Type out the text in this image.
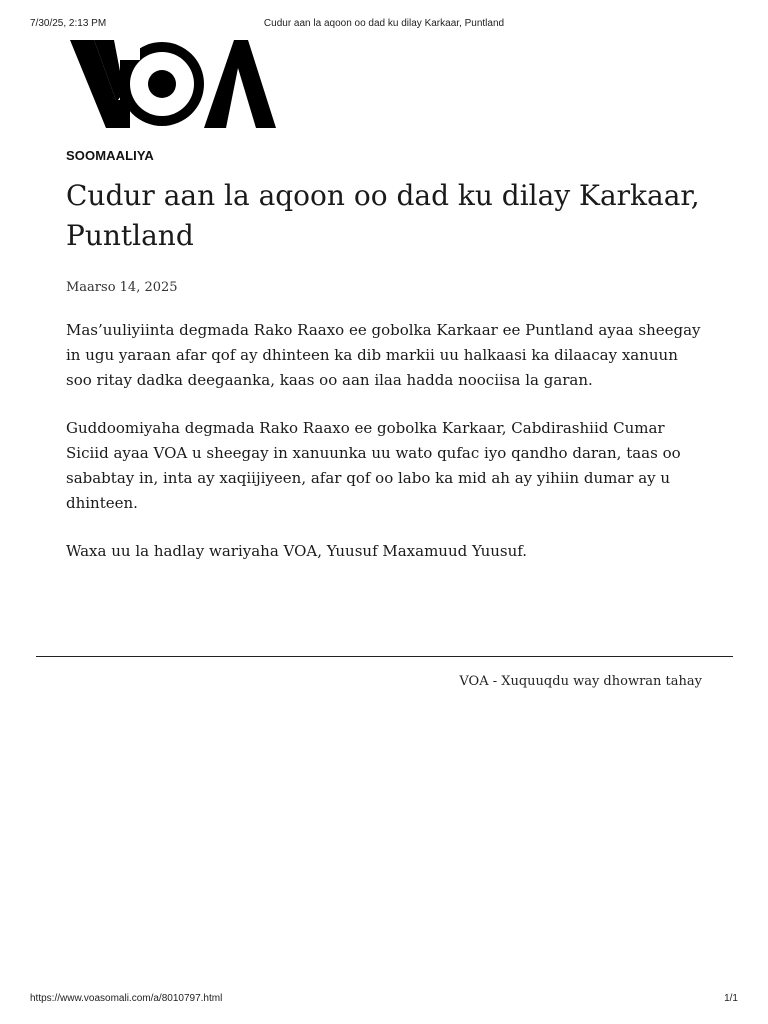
7/30/25, 2:13 PM	Cudur aan la aqoon oo dad ku dilay Karkaar, Puntland
SOOMAALIYA
Cudur aan la aqoon oo dad ku dilay Karkaar, Puntland
Maarso 14, 2025

Mas’uuliyiinta degmada Rako Raaxo ee gobolka Karkaar ee Puntland ayaa sheegay in ugu yaraan afar qof ay dhinteen ka dib markii uu halkaasi ka dilaacay xanuun soo ritay dadka deegaanka, kaas oo aan ilaa hadda noociisa la garan.

Guddoomiyaha degmada Rako Raaxo ee gobolka Karkaar, Cabdirashiid Cumar Siciid ayaa VOA u sheegay in xanuunka uu wato qufac iyo qandho daran, taas oo sababtay in, inta ay xaqiijiyeen, afar qof oo labo ka mid ah ay yihiin dumar ay u dhinteen.

Waxa uu la hadlay wariyaha VOA, Yuusuf Maxamuud Yuusuf.

VOA - Xuquuqdu way dhowran tahay
https://www.voasomali.com/a/8010797.html	1/1
